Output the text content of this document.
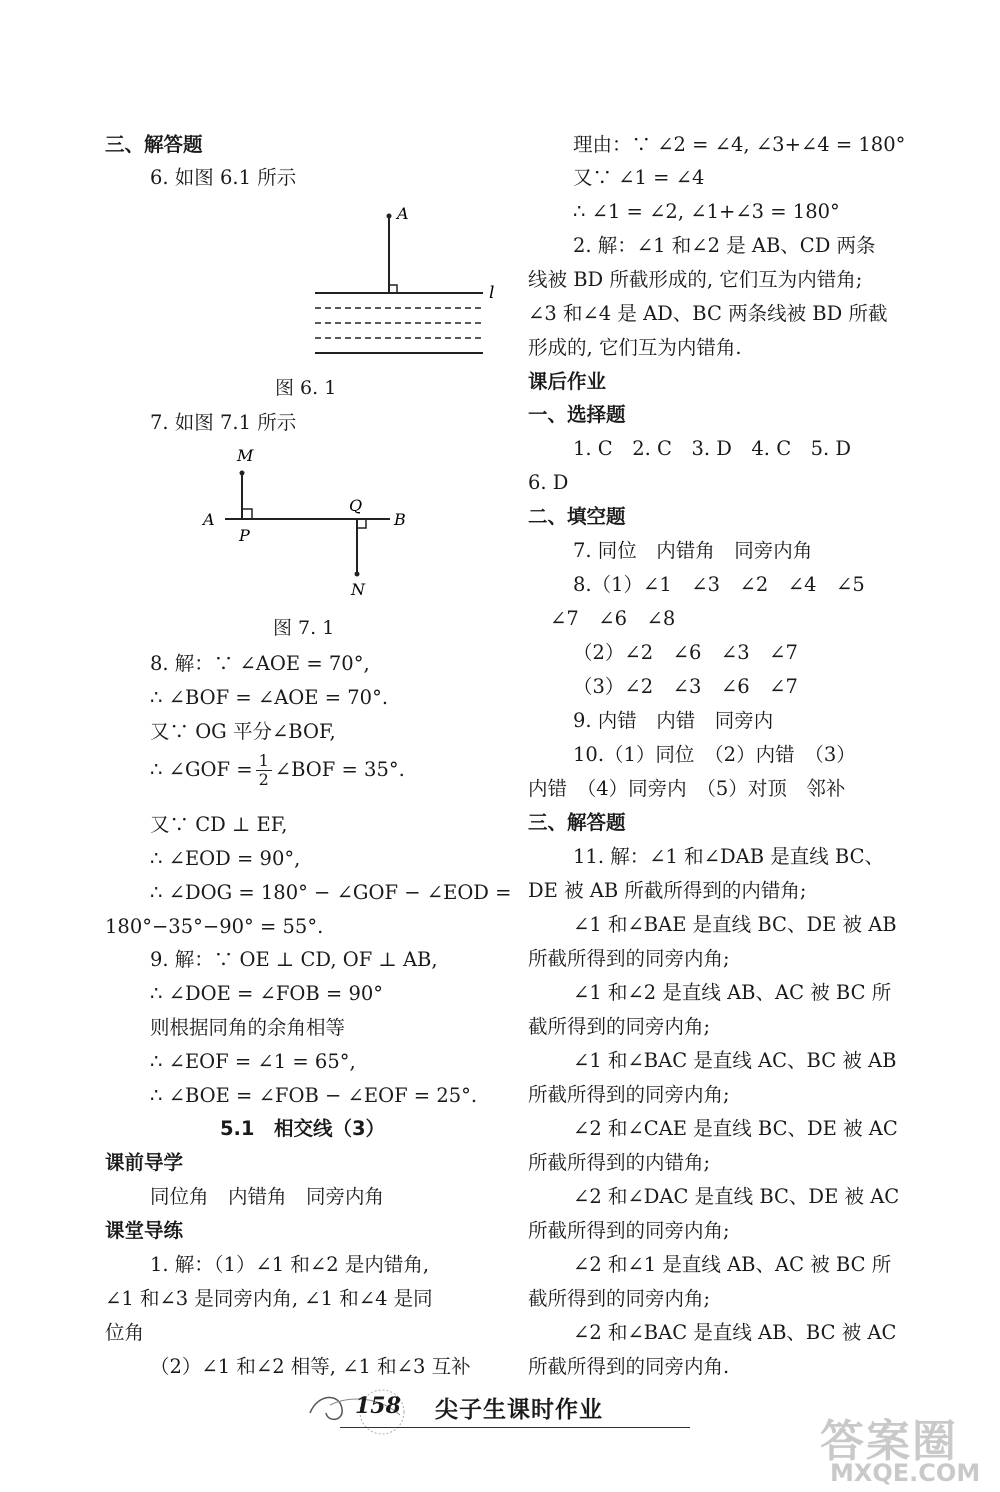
三、解答题
6. 如图 6.1 所示
A
l
图 6. 1
7. 如图 7.1 所示
M
A
P
Q
B
N
图 7. 1
8. 解：∵ ∠AOE = 70°,
∴ ∠BOF = ∠AOE = 70°.
又∵ OG 平分∠BOF,
∴ ∠GOF = $\frac{1}{2}$ ∠BOF = 35°.
又∵ CD ⊥ EF,
∴ ∠EOD = 90°,
∴ ∠DOG = 180° − ∠GOF − ∠EOD =
180°−35°−90° = 55°.
9. 解：∵ OE ⊥ CD, OF ⊥ AB,
∴ ∠DOE = ∠FOB = 90°
则根据同角的余角相等
∴ ∠EOF = ∠1 = 65°,
∴ ∠BOE = ∠FOB − ∠EOF = 25°.
5.1　相交线（3）
课前导学
同位角　内错角　同旁内角
课堂导练
1. 解：（1）∠1 和∠2 是内错角,
∠1 和∠3 是同旁内角, ∠1 和∠4 是同
位角
（2）∠1 和∠2 相等, ∠1 和∠3 互补
理由：∵ ∠2 = ∠4, ∠3+∠4 = 180°
又∵ ∠1 = ∠4
∴ ∠1 = ∠2, ∠1+∠3 = 180°
2. 解：∠1 和∠2 是 AB、CD 两条
线被 BD 所截形成的, 它们互为内错角;
∠3 和∠4 是 AD、BC 两条线被 BD 所截
形成的, 它们互为内错角.
课后作业
一、选择题
1. C　2. C　3. D　4. C　5. D
6. D
二、填空题
7. 同位　内错角　同旁内角
8.（1）∠1　∠3　∠2　∠4　∠5
∠7　∠6　∠8
（2）∠2　∠6　∠3　∠7
（3）∠2　∠3　∠6　∠7
9. 内错　内错　同旁内
10.（1）同位　（2）内错　（3）
内错　（4）同旁内　（5）对顶　邻补
三、解答题
11. 解：∠1 和∠DAB 是直线 BC、
DE 被 AB 所截所得到的内错角;
∠1 和∠BAE 是直线 BC、DE 被 AB
所截所得到的同旁内角;
∠1 和∠2 是直线 AB、AC 被 BC 所
截所得到的同旁内角;
∠1 和∠BAC 是直线 AC、BC 被 AB
所截所得到的同旁内角;
∠2 和∠CAE 是直线 BC、DE 被 AC
所截所得到的内错角;
∠2 和∠DAC 是直线 BC、DE 被 AC
所截所得到的同旁内角;
∠2 和∠1 是直线 AB、AC 被 BC 所
截所得到的同旁内角;
∠2 和∠BAC 是直线 AB、BC 被 AC
所截所得到的同旁内角.
158 尖子生课时作业
答案圈
MXQE.COM
